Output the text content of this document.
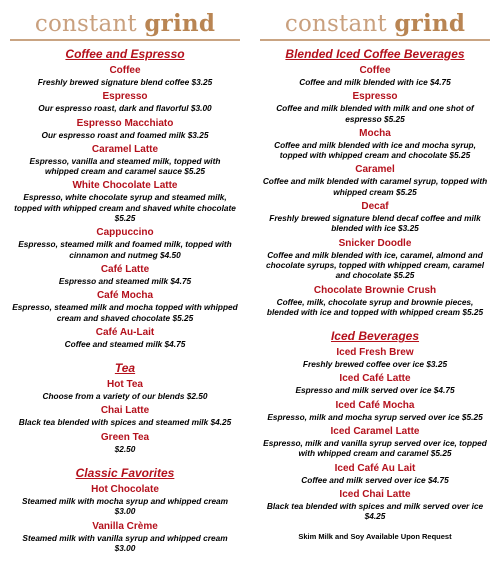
constant grind
Coffee and Espresso
Coffee
Freshly brewed signature blend coffee $3.25
Espresso
Our espresso roast, dark and flavorful $3.00
Espresso Macchiato
Our espresso roast and foamed milk $3.25
Caramel Latte
Espresso, vanilla and steamed milk, topped with whipped cream and caramel sauce $5.25
White Chocolate Latte
Espresso, white chocolate syrup and steamed milk, topped with whipped cream and shaved white chocolate $5.25
Cappuccino
Espresso, steamed milk and foamed milk, topped with cinnamon and nutmeg $4.50
Café Latte
Espresso and steamed milk $4.75
Café Mocha
Espresso, steamed milk and mocha topped with whipped cream and shaved chocolate $5.25
Café Au-Lait
Coffee and steamed milk $4.75
Tea
Hot Tea
Choose from a variety of our blends $2.50
Chai Latte
Black tea blended with spices and steamed milk $4.25
Green Tea
$2.50
Classic Favorites
Hot Chocolate
Steamed milk with mocha syrup and whipped cream $3.00
Vanilla Crème
Steamed milk with vanilla syrup and whipped cream $3.00
constant grind
Blended Iced Coffee Beverages
Coffee
Coffee and milk blended with ice $4.75
Espresso
Coffee and milk blended with milk and one shot of espresso $5.25
Mocha
Coffee and milk blended with ice and mocha syrup, topped with whipped cream and chocolate $5.25
Caramel
Coffee and milk blended with caramel syrup, topped with whipped cream $5.25
Decaf
Freshly brewed signature blend decaf coffee and milk blended with ice $3.25
Snicker Doodle
Coffee and milk blended with ice, caramel, almond and chocolate syrups, topped with whipped cream, caramel and chocolate $5.25
Chocolate Brownie Crush
Coffee, milk, chocolate syrup and brownie pieces, blended with ice and topped with whipped cream $5.25
Iced Beverages
Iced Fresh Brew
Freshly brewed coffee over ice $3.25
Iced Café Latte
Espresso and milk served over ice $4.75
Iced Café Mocha
Espresso, milk and mocha syrup served over ice $5.25
Iced Caramel Latte
Espresso, milk and vanilla syrup served over ice, topped with whipped cream and caramel $5.25
Iced Café Au Lait
Coffee and milk served over ice $4.75
Iced Chai Latte
Black tea blended with spices and milk served over ice $4.25
Skim Milk and Soy Available Upon Request
